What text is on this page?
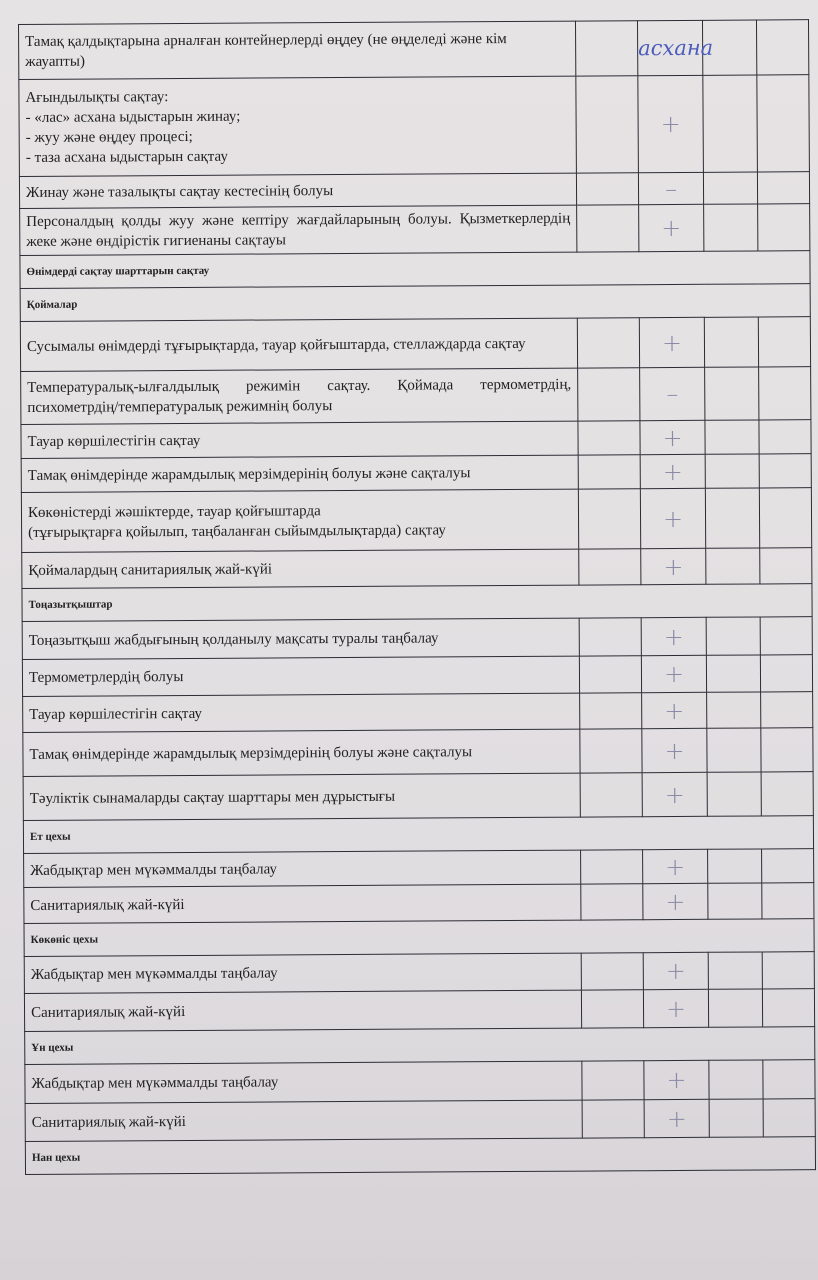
Тамақ қалдықтарына арналған контейнерлерді өңдеу (не өңделеді және кім жауапты)		асхана		
Ағындылықты сақтау:
- «лас» асхана ыдыстарын жинау;
- жуу және өңдеу процесі;
- таза асхана ыдыстарын сақтау		+		
Жинау және тазалықты сақтау кестесінің болуы		–		
Персоналдың қолды жуу және кептіру жағдайларының болуы. Қызметкерлердің жеке және өндірістік гигиенаны сақтауы		+		
Өнімдерді сақтау шарттарын сақтау				
Қоймалар				
Сусымалы өнімдерді тұғырықтарда, тауар қойғыштарда, стеллаждарда сақтау		+		
Температуралық-ылғалдылық режимін сақтау. Қоймада термометрдің, психометрдің/температуралық режимнің болуы		–		
Тауар көршілестігін сақтау		+		
Тамақ өнімдерінде жарамдылық мерзімдерінің болуы және сақталуы		+		
Көкөністерді жәшіктерде, тауар қойғыштарда
(тұғырықтарға қойылып, таңбаланған сыйымдылықтарда) сақтау		+		
Қоймалардың санитариялық жай-күйі		+		
Тоңазытқыштар				
Тоңазытқыш жабдығының қолданылу мақсаты туралы таңбалау		+		
Термометрлердің болуы		+		
Тауар көршілестігін сақтау		+		
Тамақ өнімдерінде жарамдылық мерзімдерінің болуы және сақталуы		+		
Тәуліктік сынамаларды сақтау шарттары мен дұрыстығы		+		
Ет цехы				
Жабдықтар мен мүкәммалды таңбалау		+		
Санитариялық жай-күйі		+		
Көкөніс цехы				
Жабдықтар мен мүкәммалды таңбалау		+		
Санитариялық жай-күйі		+		
Ұн цехы				
Жабдықтар мен мүкәммалды таңбалау		+		
Санитариялық жай-күйі		+		
Нан цехы				
